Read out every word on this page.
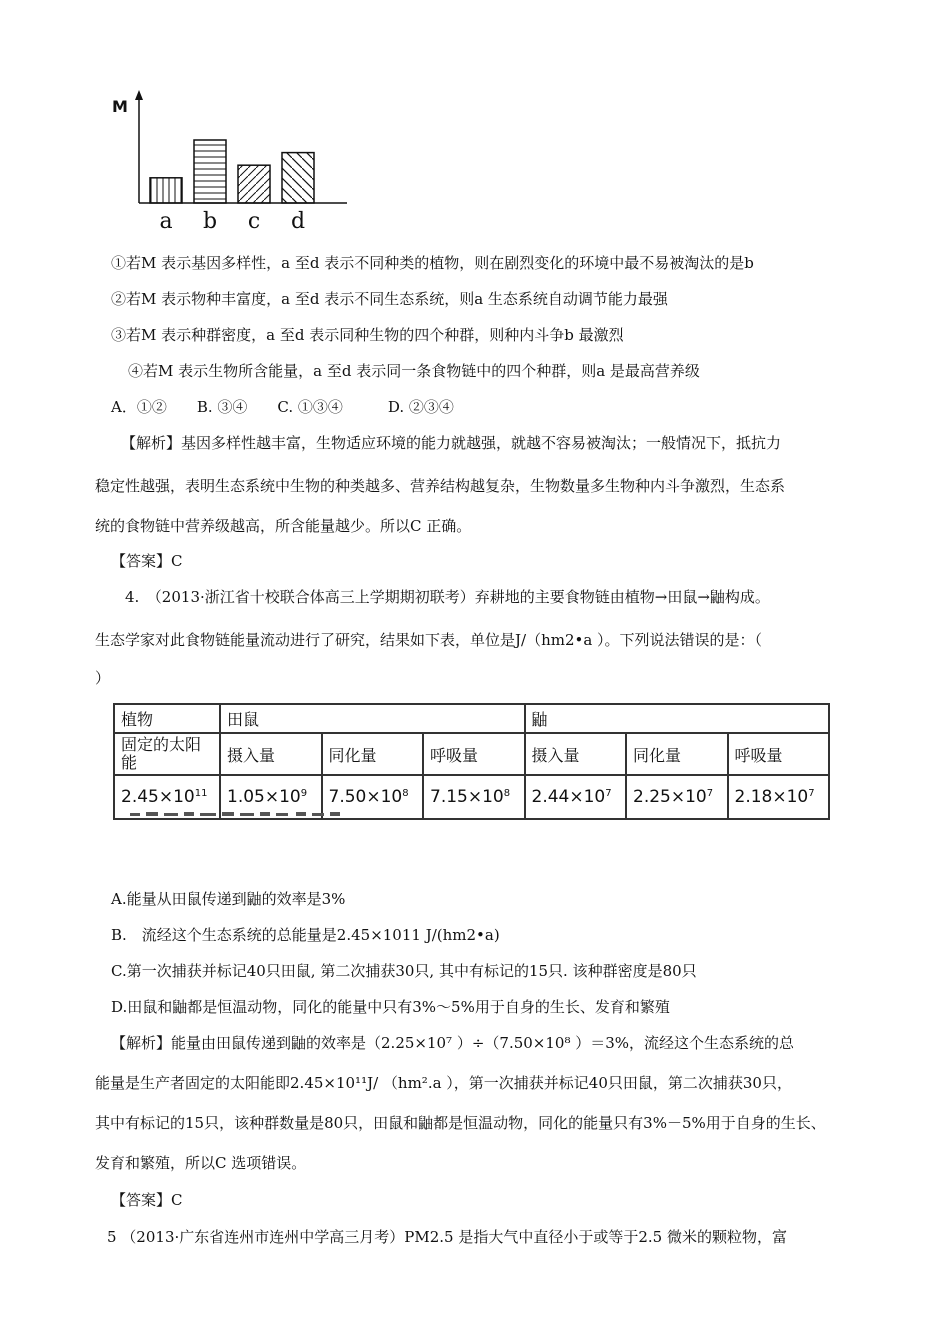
M
a b c d
①若M 表示基因多样性，a 至d 表示不同种类的植物，则在剧烈变化的环境中最不易被淘汰的是b
②若M 表示物种丰富度，a 至d 表示不同生态系统，则a 生态系统自动调节能力最强
③若M 表示种群密度，a 至d 表示同种生物的四个种群，则种内斗争b 最激烈
④若M 表示生物所含能量，a 至d 表示同一条食物链中的四个种群，则a 是最高营养级
A．①②　　B. ③④　　C. ①③④　　　D. ②③④
【解析】基因多样性越丰富，生物适应环境的能力就越强，就越不容易被淘汰；一般情况下，抵抗力
稳定性越强，表明生态系统中生物的种类越多、营养结构越复杂，生物数量多生物种内斗争激烈，生态系
统的食物链中营养级越高，所含能量越少。所以C 正确。
【答案】C
4.　（2013·浙江省十校联合体高三上学期期初联考）弃耕地的主要食物链由植物→田鼠→鼬构成。
生态学家对此食物链能量流动进行了研究，结果如下表，单位是J/（hm2•a ）。下列说法错误的是：（
）
植物	田鼠			鼬		
固定的太阳能	摄入量	同化量	呼吸量	摄入量	同化量	呼吸量
$2.45\times 10^{11}$	$1.05\times 10^9$	$7.50\times 10^8$	$7.15\times 10^8$	$2.44\times 10^7$	$2.25\times 10^7$	$2.18\times 10^7$
A.能量从田鼠传递到鼬的效率是3%
B.　流经这个生态系统的总能量是2.45×1011 J/(hm2•a)
C.第一次捕获并标记40只田鼠, 第二次捕获30只, 其中有标记的15只. 该种群密度是80只
D.田鼠和鼬都是恒温动物，同化的能量中只有3%～5%用于自身的生长、发育和繁殖
【解析】能量由田鼠传递到鼬的效率是（2.25×10⁷ ）÷（7.50×10⁸ ）＝3%，流经这个生态系统的总
能量是生产者固定的太阳能即2.45×10¹¹J/ （hm².a ），第一次捕获并标记40只田鼠，第二次捕获30只，
其中有标记的15只，该种群数量是80只，田鼠和鼬都是恒温动物，同化的能量只有3%－5%用于自身的生长、
发育和繁殖，所以C 选项错误。
【答案】C
5 （2013·广东省连州市连州中学高三月考）PM2.5 是指大气中直径小于或等于2.5 微米的颗粒物，富
